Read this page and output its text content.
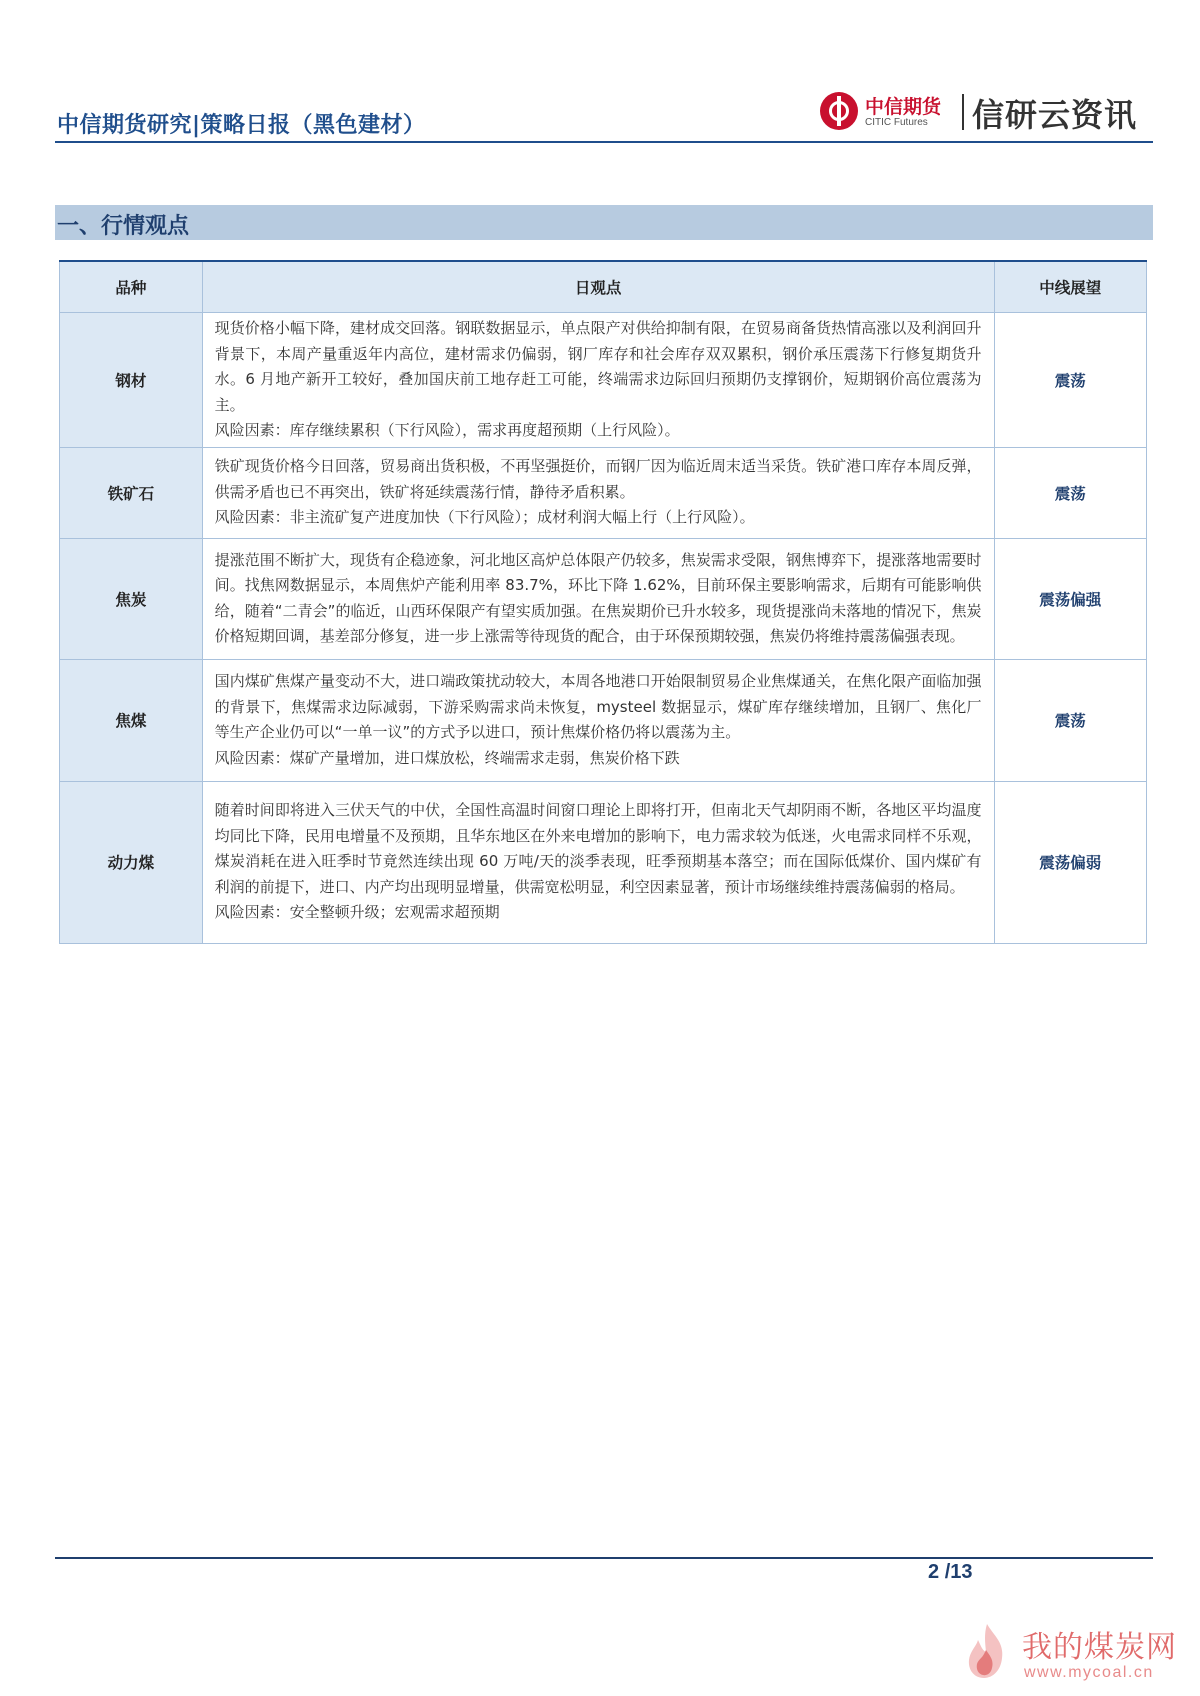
中信期货研究|策略日报（黑色建材）
中信期货
CITIC Futures 信研云资讯
一、行情观点
品种	日观点	中线展望
钢材	现货价格小幅下降，建材成交回落。钢联数据显示，单点限产对供给抑制有限，在贸易商备货热情高涨以及利润回升背景下，本周产量重返年内高位，建材需求仍偏弱，钢厂库存和社会库存双双累积，钢价承压震荡下行修复期货升水。6 月地产新开工较好，叠加国庆前工地存赶工可能，终端需求边际回归预期仍支撑钢价，短期钢价高位震荡为主。
风险因素：库存继续累积（下行风险），需求再度超预期（上行风险）。	震荡
铁矿石	铁矿现货价格今日回落，贸易商出货积极，不再坚强挺价，而钢厂因为临近周末适当采货。铁矿港口库存本周反弹，供需矛盾也已不再突出，铁矿将延续震荡行情，静待矛盾积累。
风险因素：非主流矿复产进度加快（下行风险）；成材利润大幅上行（上行风险）。	震荡
焦炭	提涨范围不断扩大，现货有企稳迹象，河北地区高炉总体限产仍较多，焦炭需求受限，钢焦博弈下，提涨落地需要时间。找焦网数据显示，本周焦炉产能利用率 83.7%，环比下降 1.62%，目前环保主要影响需求，后期有可能影响供给，随着“二青会”的临近，山西环保限产有望实质加强。在焦炭期价已升水较多，现货提涨尚未落地的情况下，焦炭价格短期回调，基差部分修复，进一步上涨需等待现货的配合，由于环保预期较强，焦炭仍将维持震荡偏强表现。	震荡偏强
焦煤	国内煤矿焦煤产量变动不大，进口端政策扰动较大，本周各地港口开始限制贸易企业焦煤通关，在焦化限产面临加强的背景下，焦煤需求边际减弱，下游采购需求尚未恢复，mysteel 数据显示，煤矿库存继续增加，且钢厂、焦化厂等生产企业仍可以“一单一议”的方式予以进口，预计焦煤价格仍将以震荡为主。
风险因素：煤矿产量增加，进口煤放松，终端需求走弱，焦炭价格下跌	震荡
动力煤	随着时间即将进入三伏天气的中伏，全国性高温时间窗口理论上即将打开，但南北天气却阴雨不断，各地区平均温度均同比下降，民用电增量不及预期，且华东地区在外来电增加的影响下，电力需求较为低迷，火电需求同样不乐观，煤炭消耗在进入旺季时节竟然连续出现 60 万吨/天的淡季表现，旺季预期基本落空；而在国际低煤价、国内煤矿有利润的前提下，进口、内产均出现明显增量，供需宽松明显，利空因素显著，预计市场继续维持震荡偏弱的格局。
风险因素：安全整顿升级；宏观需求超预期	震荡偏弱
2 /13
我的煤炭网
www.mycoal.cn
